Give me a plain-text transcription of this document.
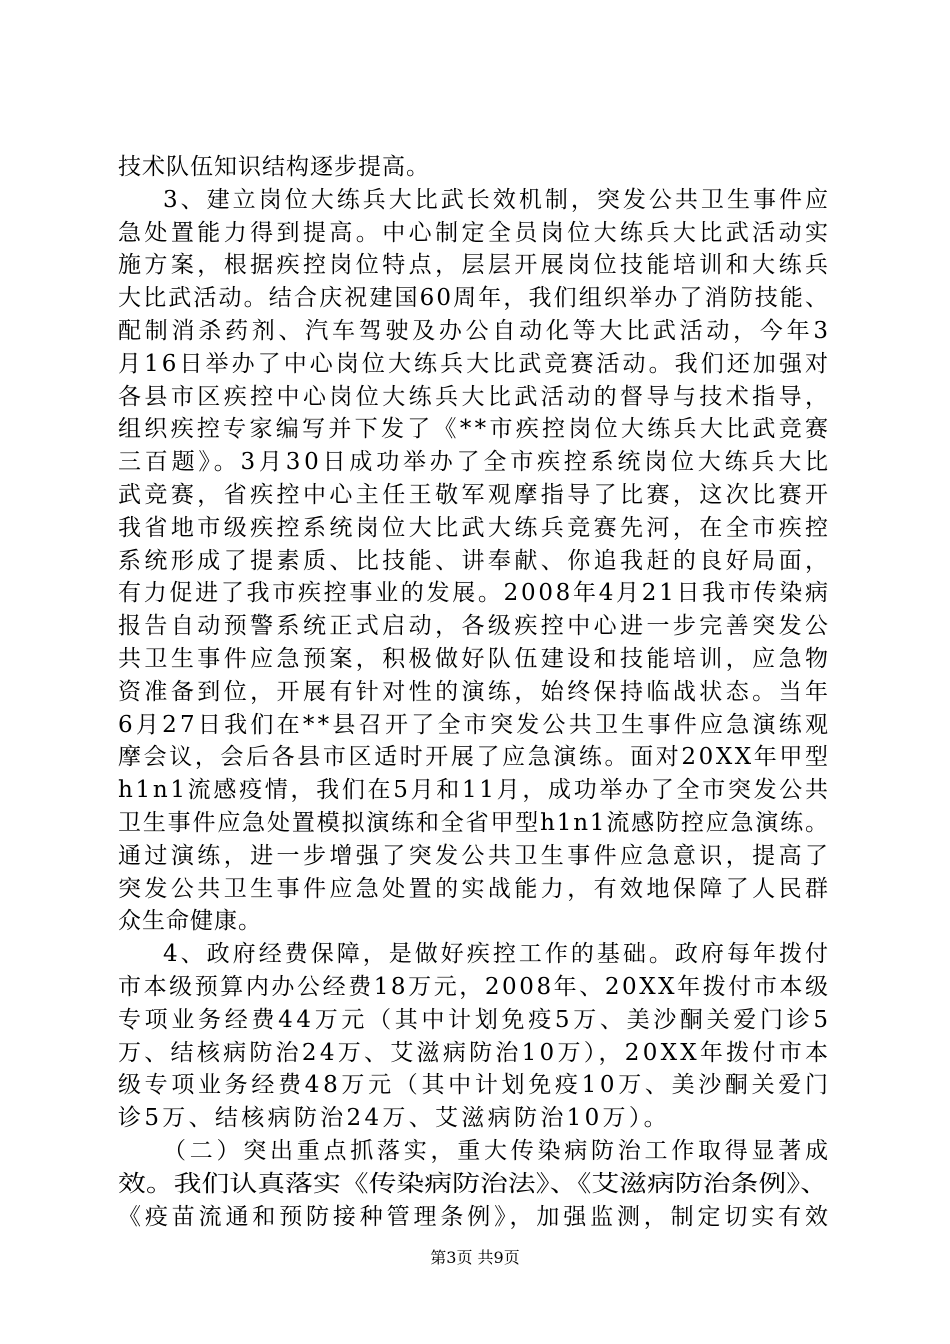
技术队伍知识结构逐步提高。
3、建立岗位大练兵大比武长效机制，突发公共卫生事件应
急处置能力得到提高。中心制定全员岗位大练兵大比武活动实
施方案，根据疾控岗位特点，层层开展岗位技能培训和大练兵
大比武活动。结合庆祝建国60周年，我们组织举办了消防技能、
配制消杀药剂、汽车驾驶及办公自动化等大比武活动，今年3
月16日举办了中心岗位大练兵大比武竞赛活动。我们还加强对
各县市区疾控中心岗位大练兵大比武活动的督导与技术指导，
组织疾控专家编写并下发了《**市疾控岗位大练兵大比武竞赛
三百题》。3月30日成功举办了全市疾控系统岗位大练兵大比
武竞赛，省疾控中心主任王敬军观摩指导了比赛，这次比赛开
我省地市级疾控系统岗位大比武大练兵竞赛先河，在全市疾控
系统形成了提素质、比技能、讲奉献、你追我赶的良好局面，
有力促进了我市疾控事业的发展。2008年4月21日我市传染病
报告自动预警系统正式启动，各级疾控中心进一步完善突发公
共卫生事件应急预案，积极做好队伍建设和技能培训，应急物
资准备到位，开展有针对性的演练，始终保持临战状态。当年
6月27日我们在**县召开了全市突发公共卫生事件应急演练观
摩会议，会后各县市区适时开展了应急演练。面对20XX年甲型
h1n1流感疫情，我们在5月和11月，成功举办了全市突发公共
卫生事件应急处置模拟演练和全省甲型h1n1流感防控应急演练。
通过演练，进一步增强了突发公共卫生事件应急意识，提高了
突发公共卫生事件应急处置的实战能力，有效地保障了人民群
众生命健康。
4、政府经费保障，是做好疾控工作的基础。政府每年拨付
市本级预算内办公经费18万元，2008年、20XX年拨付市本级
专项业务经费44万元（其中计划免疫5万、美沙酮关爱门诊5
万、结核病防治24万、艾滋病防治10万），20XX年拨付市本
级专项业务经费48万元（其中计划免疫10万、美沙酮关爱门
诊5万、结核病防治24万、艾滋病防治10万）。
（二）突出重点抓落实，重大传染病防治工作取得显著成
效。我们认真落实《传染病防治法》、《艾滋病防治条例》、
《疫苗流通和预防接种管理条例》，加强监测，制定切实有效
第3页 共9页
